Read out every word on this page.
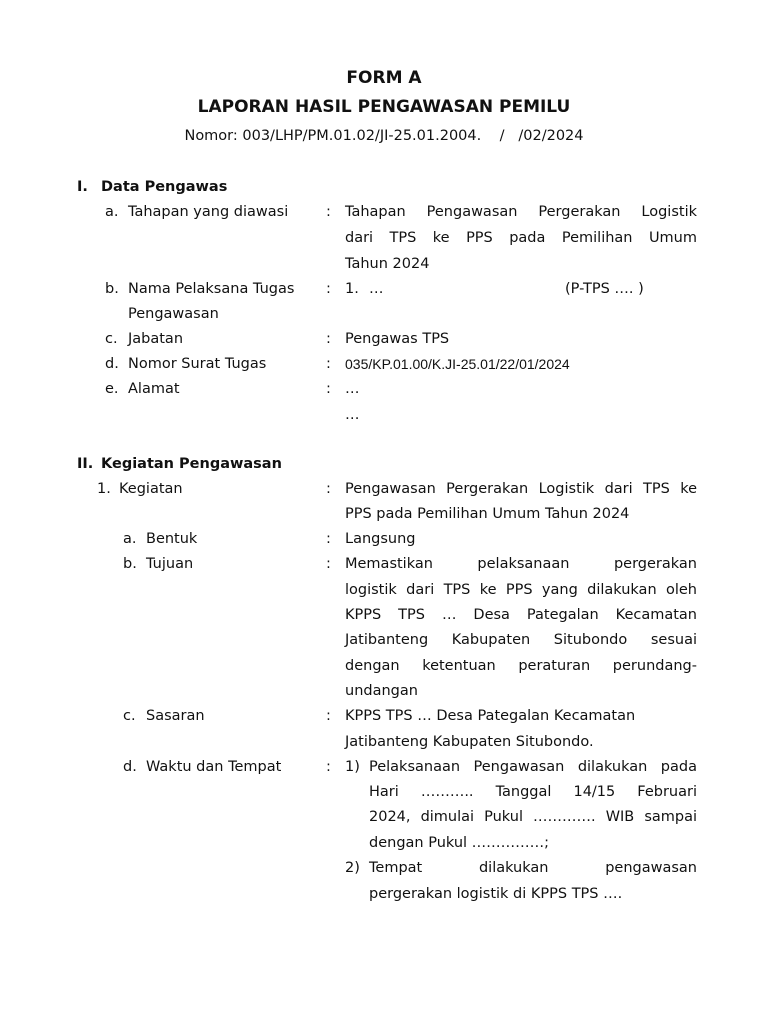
FORM A
LAPORAN HASIL PENGAWASAN PEMILU
Nomor: 003/LHP/PM.01.02/JI-25.01.2004.    /   /02/2024
I. Data Pengawas
a. Tahapan yang diawasi	: Tahapan Pengawasan Pergerakan Logistik
dari TPS ke PPS pada Pemilihan Umum
Tahun 2024
b. Nama Pelaksana Tugas
Pengawasan
: 1. …	(P-TPS …. )
c. Jabatan	: Pengawas TPS
d. Nomor Surat Tugas	: 035/KP.01.00/K.JI-25.01/22/01/2024
e. Alamat	: …
…
II. Kegiatan Pengawasan
1. Kegiatan	: Pengawasan Pergerakan Logistik dari TPS ke
PPS pada Pemilihan Umum Tahun 2024
a. Bentuk	: Langsung
b. Tujuan	: Memastikan pelaksanaan pergerakan
logistik dari TPS ke PPS yang dilakukan oleh
KPPS TPS … Desa Pategalan Kecamatan
Jatibanteng Kabupaten Situbondo sesuai
dengan ketentuan peraturan perundang-
undangan
c. Sasaran	: KPPS TPS … Desa Pategalan Kecamatan
Jatibanteng Kabupaten Situbondo.
d. Waktu dan Tempat	: 1) Pelaksanaan Pengawasan dilakukan pada
Hari ……….. Tanggal 14/15 Februari
2024, dimulai Pukul …………. WIB sampai
dengan Pukul ……………;
2) Tempat dilakukan pengawasan
pergerakan logistik di KPPS TPS ….
